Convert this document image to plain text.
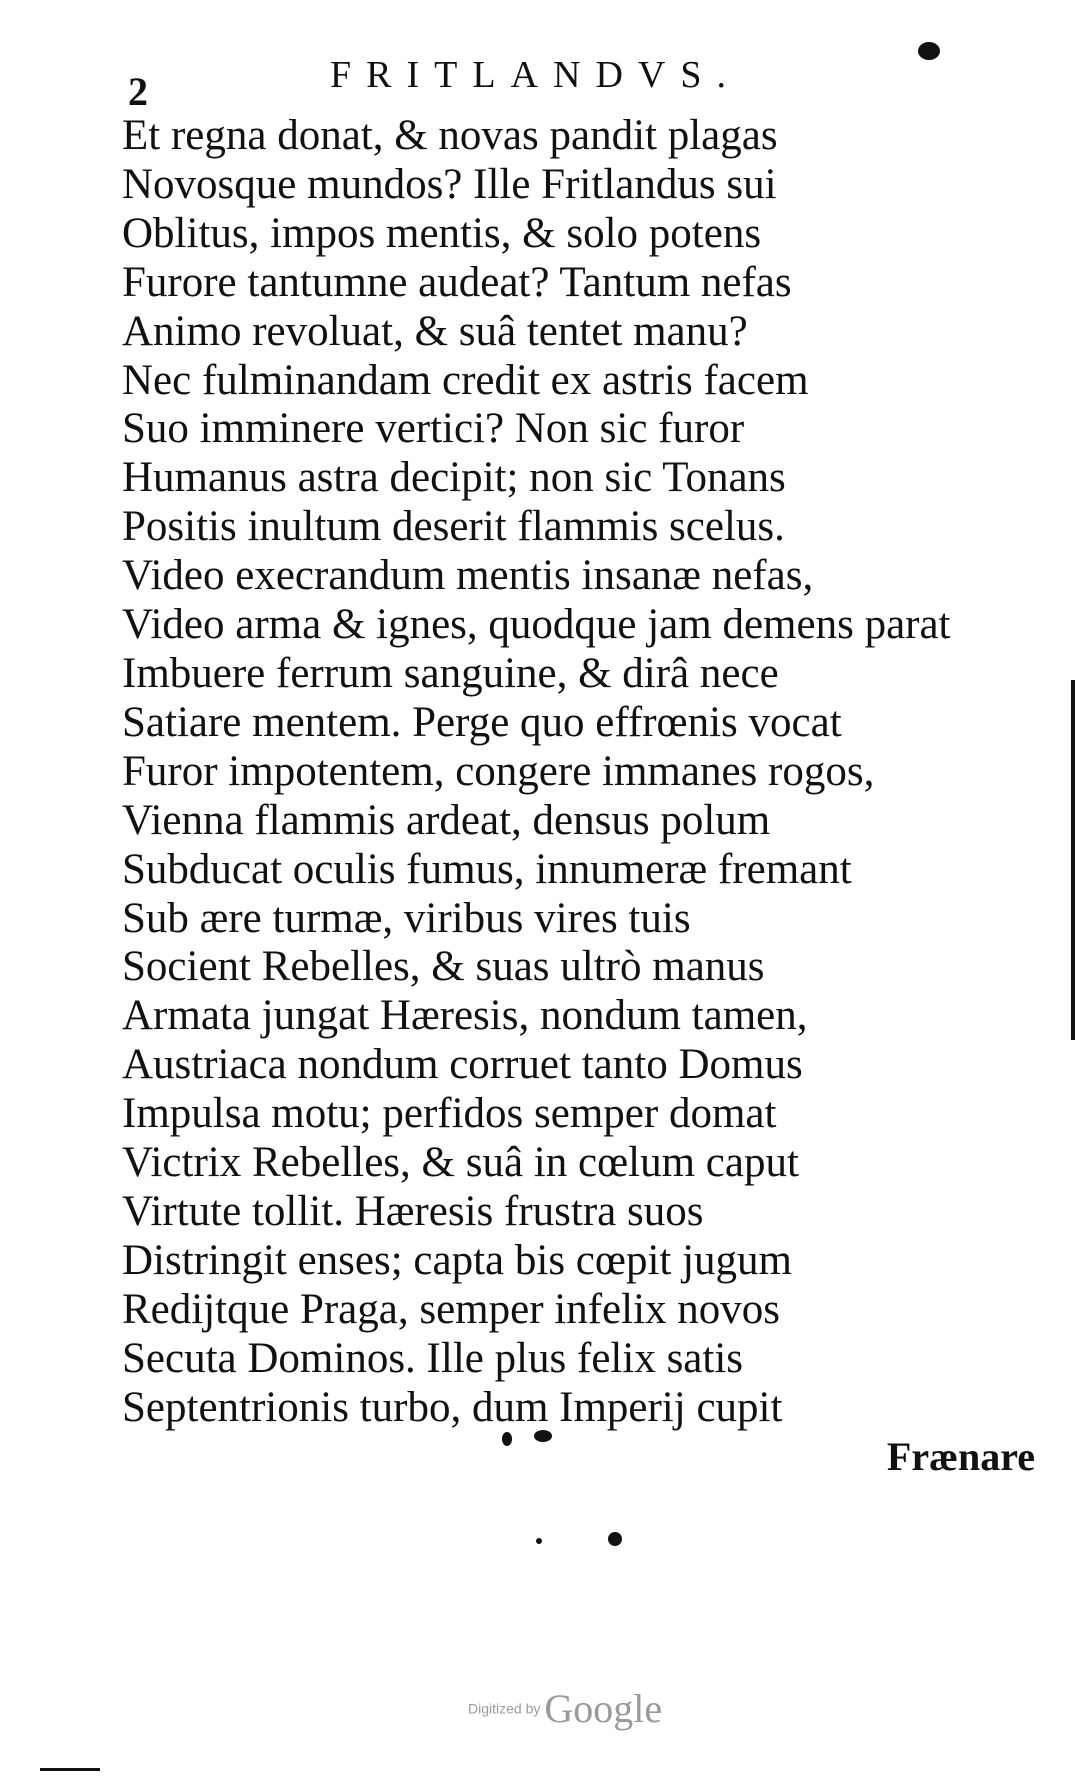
2	FRITLANDVS.
Et regna donat, & novas pandit plagas
Novosque mundos? Ille Fritlandus sui
Oblitus, impos mentis, & solo potens
Furore tantumne audeat? Tantum nefas
Animo revoluat, & suâ tentet manu?
Nec fulminandam credit ex astris facem
Suo imminere vertici? Non sic furor
Humanus astra decipit; non sic Tonans
Positis inultum deserit flammis scelus.
Video execrandum mentis insanæ nefas,
Video arma & ignes, quodque jam demens parat
Imbuere ferrum sanguine, & dirâ nece
Satiare mentem. Perge quo effrœnis vocat
Furor impotentem, congere immanes rogos,
Vienna flammis ardeat, densus polum
Subducat oculis fumus, innumeræ fremant
Sub ære turmæ, viribus vires tuis
Socient Rebelles, & suas ultrò manus
Armata jungat Hæresis, nondum tamen,
Austriaca nondum corruet tanto Domus
Impulsa motu; perfidos semper domat
Victrix Rebelles, & suâ in cœlum caput
Virtute tollit. Hæresis frustra suos
Distringit enses; capta bis cœpit jugum
Redijtque Praga, semper infelix novos
Secuta Dominos. Ille plus felix satis
Septentrionis turbo, dum Imperij cupit
Frænare
Digitized by Google
